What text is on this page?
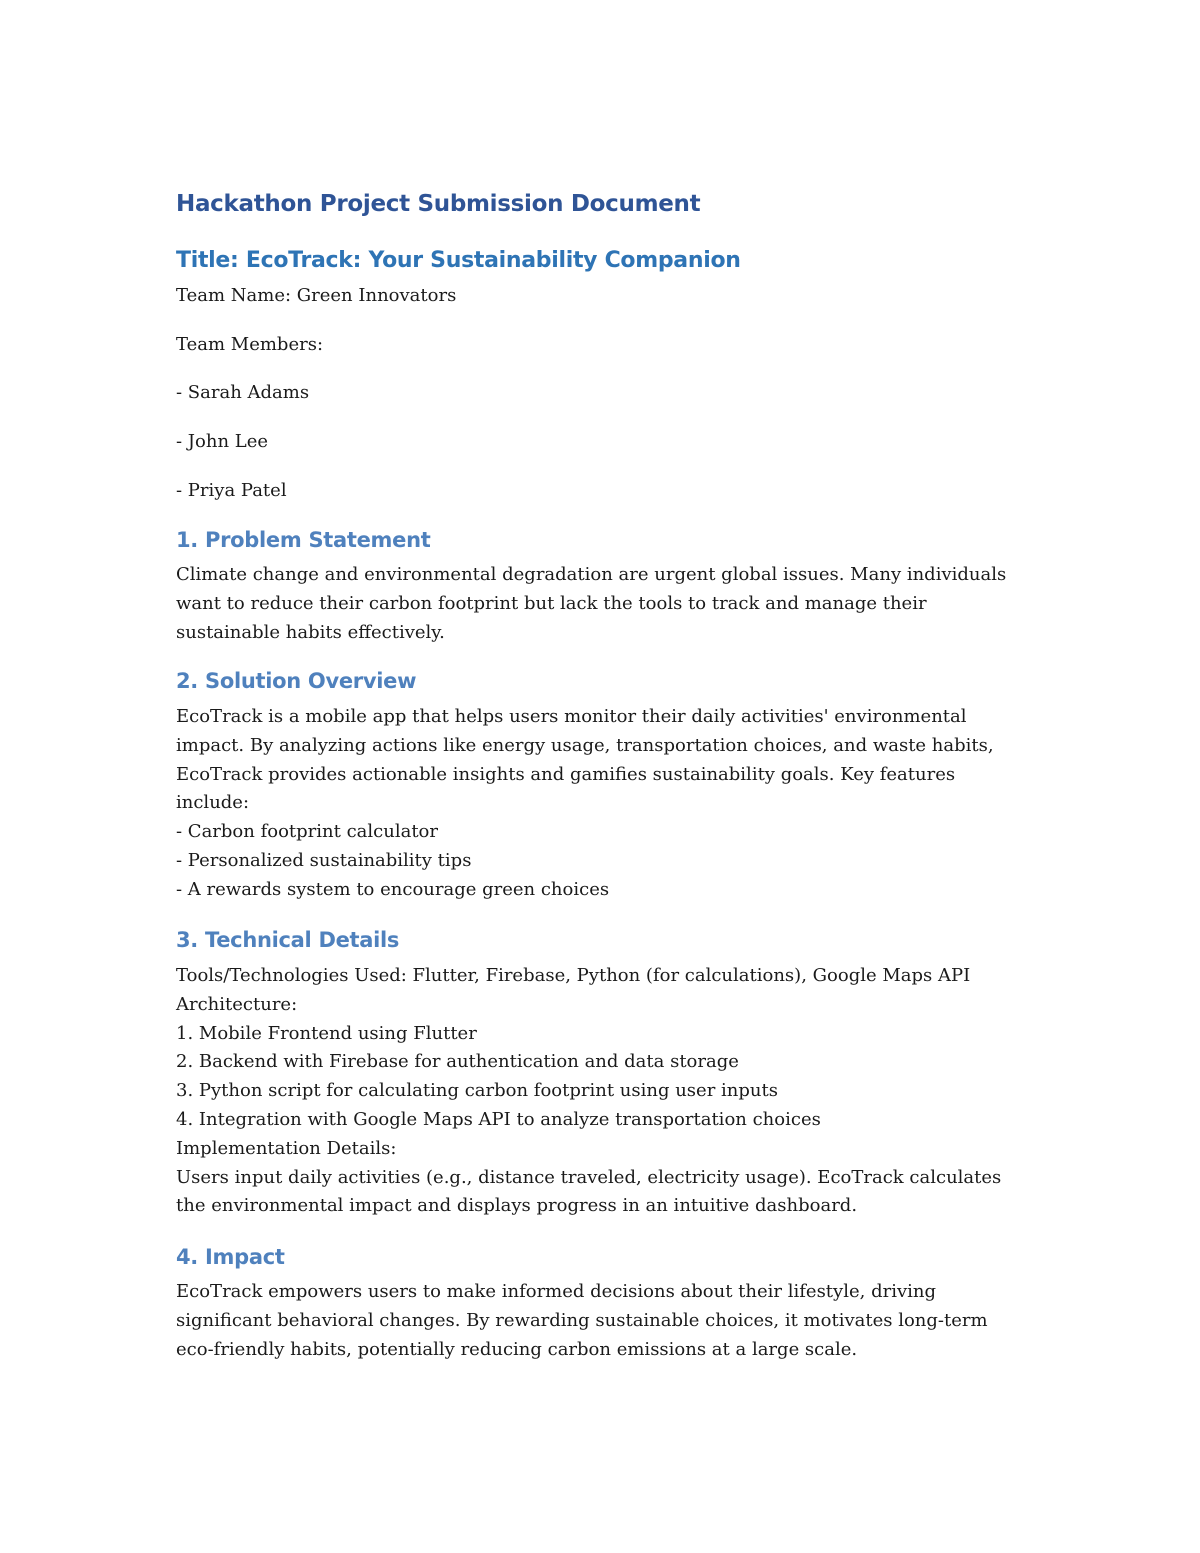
Hackathon Project Submission Document
Title: EcoTrack: Your Sustainability Companion

Team Name: Green Innovators

Team Members:

- Sarah Adams

- John Lee

- Priya Patel

1. Problem Statement
Climate change and environmental degradation are urgent global issues. Many individuals
want to reduce their carbon footprint but lack the tools to track and manage their
sustainable habits effectively.
2. Solution Overview
EcoTrack is a mobile app that helps users monitor their daily activities' environmental
impact. By analyzing actions like energy usage, transportation choices, and waste habits,
EcoTrack provides actionable insights and gamifies sustainability goals. Key features
include:
- Carbon footprint calculator
- Personalized sustainability tips
- A rewards system to encourage green choices
3. Technical Details
Tools/Technologies Used: Flutter, Firebase, Python (for calculations), Google Maps API
Architecture:
1. Mobile Frontend using Flutter
2. Backend with Firebase for authentication and data storage
3. Python script for calculating carbon footprint using user inputs
4. Integration with Google Maps API to analyze transportation choices
Implementation Details:
Users input daily activities (e.g., distance traveled, electricity usage). EcoTrack calculates
the environmental impact and displays progress in an intuitive dashboard.
4. Impact
EcoTrack empowers users to make informed decisions about their lifestyle, driving
significant behavioral changes. By rewarding sustainable choices, it motivates long-term
eco-friendly habits, potentially reducing carbon emissions at a large scale.
